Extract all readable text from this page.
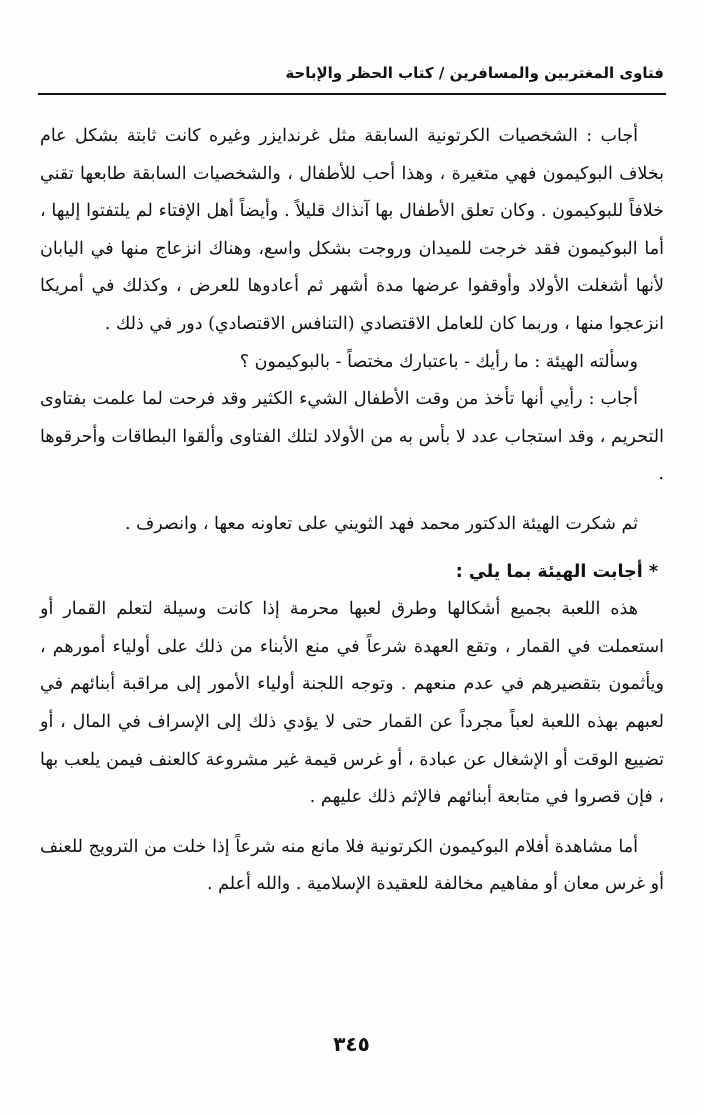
فتاوى المغتربين والمسافرين / كتاب الحظر والإباحة

أجاب : الشخصيات الكرتونية السابقة مثل غرندايزر وغيره كانت ثابتة بشكل عام بخلاف البوكيمون فهي متغيرة ، وهذا أحب للأطفال ، والشخصيات السابقة طابعها تقني خلافاً للبوكيمون . وكان تعلق الأطفال بها آنذاك قليلاً . وأيضاً أهل الإفتاء لم يلتفتوا إليها ، أما البوكيمون فقد خرجت للميدان وروجت بشكل واسع، وهناك انزعاج منها في اليابان لأنها أشغلت الأولاد وأوقفوا عرضها مدة أشهر ثم أعادوها للعرض ، وكذلك في أمريكا انزعجوا منها ، وربما كان للعامل الاقتصادي (التنافس الاقتصادي) دور في ذلك .

وسألته الهيئة : ما رأيك - باعتبارك مختصاً - بالبوكيمون ؟

أجاب : رأيي أنها تأخذ من وقت الأطفال الشيء الكثير وقد فرحت لما علمت بفتاوى التحريم ، وقد استجاب عدد لا بأس به من الأولاد لتلك الفتاوى وألقوا البطاقات وأحرقوها .

ثم شكرت الهيئة الدكتور محمد فهد الثويني على تعاونه معها ، وانصرف .

* أجابت الهيئة بما يلي :

هذه اللعبة بجميع أشكالها وطرق لعبها محرمة إذا كانت وسيلة لتعلم القمار أو استعملت في القمار ، وتقع العهدة شرعاً في منع الأبناء من ذلك على أولياء أمورهم ، ويأثمون بتقصيرهم في عدم منعهم . وتوجه اللجنة أولياء الأمور إلى مراقبة أبنائهم في لعبهم بهذه اللعبة لعباً مجرداً عن القمار حتى لا يؤدي ذلك إلى الإسراف في المال ، أو تضييع الوقت أو الإشغال عن عبادة ، أو غرس قيمة غير مشروعة كالعنف فيمن يلعب بها ، فإن قصروا في متابعة أبنائهم فالإثم ذلك عليهم .

أما مشاهدة أفلام البوكيمون الكرتونية فلا مانع منه شرعاً إذا خلت من الترويج للعنف أو غرس معان أو مفاهيم مخالفة للعقيدة الإسلامية . والله أعلم .

٣٤٥
